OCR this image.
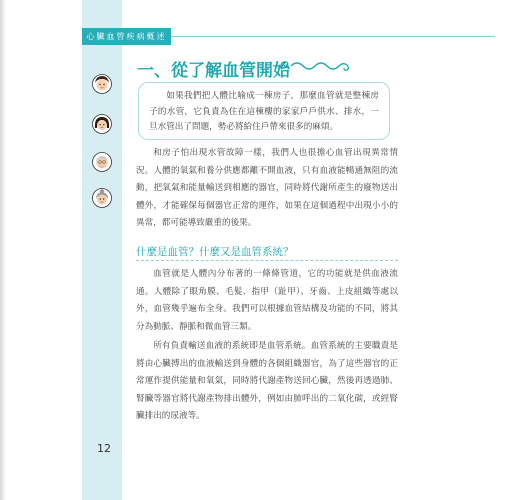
心臟血管疾病概述
一、從了解血管開始
如果我們把人體比喻成一棟房子，那麼血管就是整棟房子的水管，它負責為住在這棟樓的家家戶戶供水、排水，一旦水管出了問題，勢必將給住戶帶來很多的麻煩。
和房子怕出現水管故障一樣，我們人也很擔心血管出現異常情況。人體的氧氣和養分供應都離不開血液，只有血液能暢通無阻的流動，把氧氣和能量輸送到相應的器官，同時將代謝所產生的廢物送出體外，才能確保每個器官正常的運作，如果在這個過程中出現小小的異常，都可能導致嚴重的後果。
什麼是血管？什麼又是血管系統？
血管就是人體內分布著的一條條管道，它的功能就是供血液流通。人體除了眼角膜、毛髮、指甲（趾甲）、牙齒、上皮組織等處以外，血管幾乎遍布全身。我們可以根據血管結構及功能的不同，將其分為動脈、靜脈和微血管三類。
所有負責輸送血液的系統即是血管系統。血管系統的主要職責是將由心臟搏出的血液輸送到身體的各個組織器官，為了這些器官的正常運作提供能量和氧氣，同時將代謝產物送回心臟，然後再透過肺、腎臟等器官將代謝產物排出體外，例如由肺呼出的二氧化碳，或經腎臟排出的尿液等。
12
